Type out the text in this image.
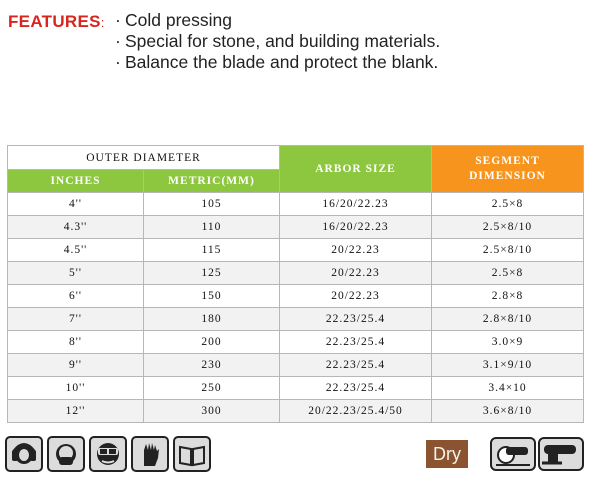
FEATURES: · Cold pressing
· Special for stone, and building materials.
· Balance the blade and protect the blank.
OUTER DIAMETER		ARBOR SIZE	SEGMENT
DIMENSION
INCHES	METRIC(MM)		
4''	105	16/20/22.23	2.5×8
4.3''	110	16/20/22.23	2.5×8/10
4.5''	115	20/22.23	2.5×8/10
5''	125	20/22.23	2.5×8
6''	150	20/22.23	2.8×8
7''	180	22.23/25.4	2.8×8/10
8''	200	22.23/25.4	3.0×9
9''	230	22.23/25.4	3.1×9/10
10''	250	22.23/25.4	3.4×10
12''	300	20/22.23/25.4/50	3.6×8/10
Dry
